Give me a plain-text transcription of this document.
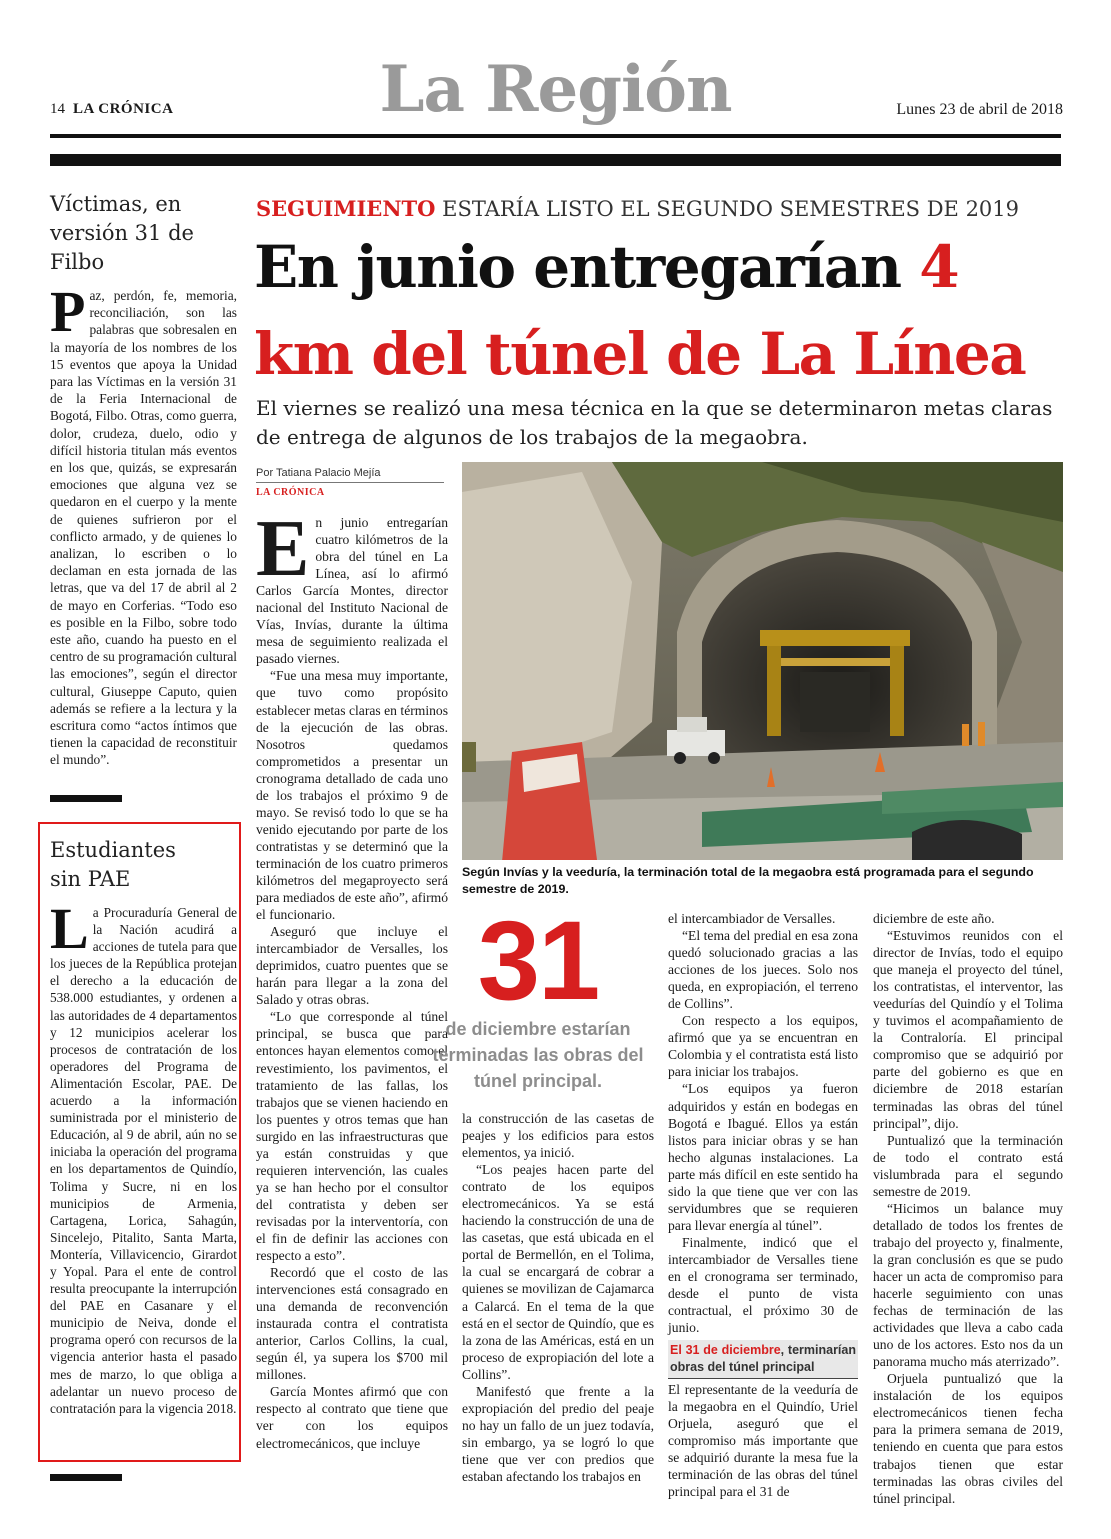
14 LA CRÓNICA	La Región	Lunes 23 de abril de 2018
Víctimas, en versión 31 de Filbo
Paz, perdón, fe, memoria, reconciliación, son las palabras que sobresalen en la mayoría de los nombres de los 15 eventos que apoya la Unidad para las Víctimas en la versión 31 de la Feria Internacional de Bogotá, Filbo. Otras, como guerra, dolor, crudeza, duelo, odio y difícil historia titulan más eventos en los que, quizás, se expresarán emociones que alguna vez se quedaron en el cuerpo y la mente de quienes sufrieron por el conflicto armado, y de quienes lo analizan, lo escriben o lo declaman en esta jornada de las letras, que va del 17 de abril al 2 de mayo en Corferias. “Todo eso es posible en la Filbo, sobre todo este año, cuando ha puesto en el centro de su programación cultural las emociones”, según el director cultural, Giuseppe Caputo, quien además se refiere a la lectura y la escritura como “actos íntimos que tienen la capacidad de reconstituir el mundo”.
Estudiantes sin PAE
La Procuraduría General de la Nación acudirá a acciones de tutela para que los jueces de la República protejan el derecho a la educación de 538.000 estudiantes, y ordenen a las autoridades de 4 departamentos y 12 municipios acelerar los procesos de contratación de los operadores del Programa de Alimentación Escolar, PAE. De acuerdo a la información suministrada por el ministerio de Educación, al 9 de abril, aún no se iniciaba la operación del programa en los departamentos de Quindío, Tolima y Sucre, ni en los municipios de Armenia, Cartagena, Lorica, Sahagún, Sincelejo, Pitalito, Santa Marta, Montería, Villavicencio, Girardot y Yopal. Para el ente de control resulta preocupante la interrupción del PAE en Casanare y el municipio de Neiva, donde el programa operó con recursos de la vigencia anterior hasta el pasado mes de marzo, lo que obliga a adelantar un nuevo proceso de contratación para la vigencia 2018.
SEGUIMIENTO ESTARÍA LISTO EL SEGUNDO SEMESTRES DE 2019
En junio entregarían 4
km del túnel de La Línea
El viernes se realizó una mesa técnica en la que se determinaron metas claras de entrega de algunos de los trabajos de la megaobra.
Por Tatiana Palacio Mejía
LA CRÓNICA
Según Invías y la veeduría, la terminación total de la megaobra está programada para el segundo semestre de 2019.

En junio entregarían cuatro kilómetros de la obra del túnel en La Línea, así lo afirmó Carlos García Montes, director nacional del Instituto Nacional de Vías, Invías, durante la última mesa de seguimiento realizada el pasado viernes.

“Fue una mesa muy importante, que tuvo como propósito establecer metas claras en términos de la ejecución de las obras. Nosotros quedamos comprometidos a presentar un cronograma detallado de cada uno de los trabajos el próximo 9 de mayo. Se revisó todo lo que se ha venido ejecutando por parte de los contratistas y se determinó que la terminación de los cuatro primeros kilómetros del megaproyecto será para mediados de este año”, afirmó el funcionario.

Aseguró que incluye el intercambiador de Versalles, los deprimidos, cuatro puentes que se harán para llegar a la zona del Salado y otras obras.

“Lo que corresponde al túnel principal, se busca que para entonces hayan elementos como el revestimiento, los pavimentos, el tratamiento de las fallas, los trabajos que se vienen haciendo en los puentes y otros temas que han surgido en las infraestructuras que ya están construidas y que requieren intervención, las cuales ya se han hecho por el consultor del contratista y deben ser revisadas por la interventoría, con el fin de definir las acciones con respecto a esto”.

Recordó que el costo de las intervenciones está consagrado en una demanda de reconvención instaurada contra el contratista anterior, Carlos Collins, la cual, según él, ya supera los $700 mil millones.

García Montes afirmó que con respecto al contrato que tiene que ver con los equipos electromecánicos, que incluye

31
de diciembre estarían terminadas las obras del túnel principal.

la construcción de las casetas de peajes y los edificios para estos elementos, ya inició.

“Los peajes hacen parte del contrato de los equipos electromecánicos. Ya se está haciendo la construcción de una de las casetas, que está ubicada en el portal de Bermellón, en el Tolima, la cual se encargará de cobrar a quienes se movilizan de Cajamarca a Calarcá. En el tema de la que está en el sector de Quindío, que es la zona de las Américas, está en un proceso de expropiación del lote a Collins”.

Manifestó que frente a la expropiación del predio del peaje no hay un fallo de un juez todavía, sin embargo, ya se logró lo que tiene que ver con predios que estaban afectando los trabajos en

el intercambiador de Versalles.

“El tema del predial en esa zona quedó solucionado gracias a las acciones de los jueces. Solo nos queda, en expropiación, el terreno de Collins”.

Con respecto a los equipos, afirmó que ya se encuentran en Colombia y el contratista está listo para iniciar los trabajos.

“Los equipos ya fueron adquiridos y están en bodegas en Bogotá e Ibagué. Ellos ya están listos para iniciar obras y se han hecho algunas instalaciones. La parte más difícil en este sentido ha sido la que tiene que ver con las servidumbres que se requieren para llevar energía al túnel”.

Finalmente, indicó que el intercambiador de Versalles tiene en el cronograma ser terminado, desde el punto de vista contractual, el próximo 30 de junio.

El 31 de diciembre, terminarían obras del túnel principal

El representante de la veeduría de la megaobra en el Quindío, Uriel Orjuela, aseguró que el compromiso más importante que se adquirió durante la mesa fue la terminación de las obras del túnel principal para el 31 de

diciembre de este año.

“Estuvimos reunidos con el director de Invías, todo el equipo que maneja el proyecto del túnel, los contratistas, el interventor, las veedurías del Quindío y el Tolima y tuvimos el acompañamiento de la Contraloría. El principal compromiso que se adquirió por parte del gobierno es que en diciembre de 2018 estarían terminadas las obras del túnel principal”, dijo.

Puntualizó que la terminación de todo el contrato está vislumbrada para el segundo semestre de 2019.

“Hicimos un balance muy detallado de todos los frentes de trabajo del proyecto y, finalmente, la gran conclusión es que se pudo hacer un acta de compromiso para hacerle seguimiento con unas fechas de terminación de las actividades que lleva a cabo cada uno de los actores. Esto nos da un panorama mucho más aterrizado”.

Orjuela puntualizó que la instalación de los equipos electromecánicos tienen fecha para la primera semana de 2019, teniendo en cuenta que para estos trabajos tienen que estar terminadas las obras civiles del túnel principal.
